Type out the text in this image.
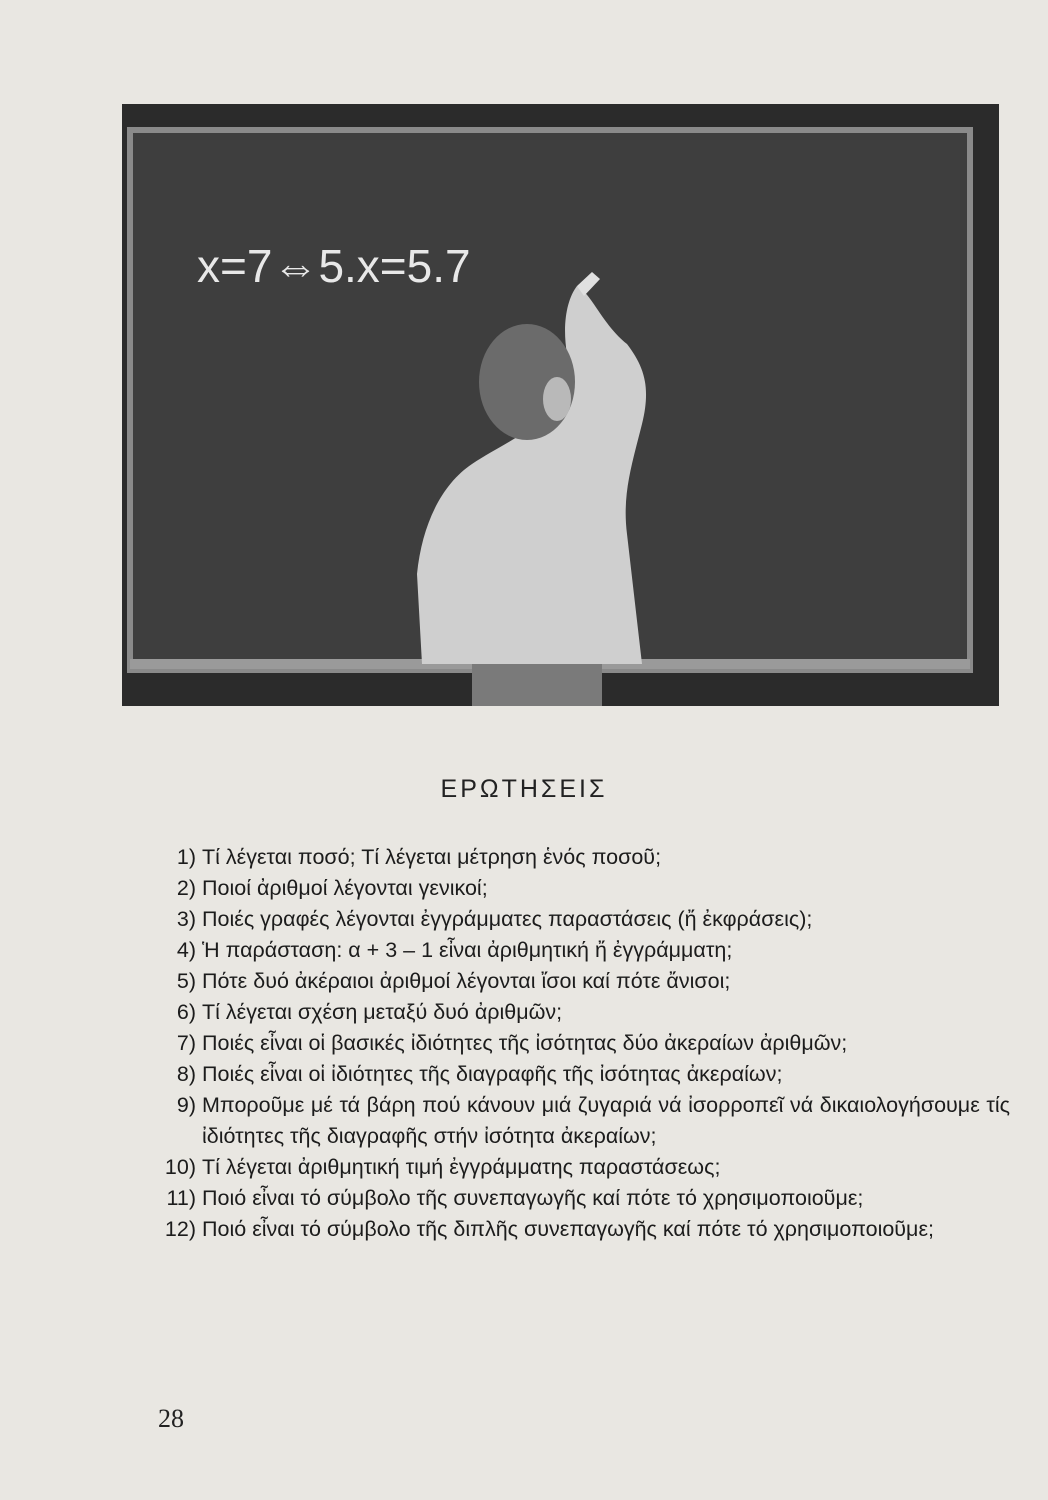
x=7⇔5.x=5.7
ΕΡΩΤΗΣΕΙΣ
1) Τί λέγεται ποσό; Τί λέγεται μέτρηση ἑνός ποσοῦ;
2) Ποιοί ἀριθμοί λέγονται γενικοί;
3) Ποιές γραφές λέγονται ἐγγράμματες παραστάσεις (ἤ ἐκφράσεις);
4) Ἡ παράσταση: α + 3 – 1 εἶναι ἀριθμητική ἤ ἐγγράμματη;
5) Πότε δυό ἀκέραιοι ἀριθμοί λέγονται ἴσοι καί πότε ἄνισοι;
6) Τί λέγεται σχέση μεταξύ δυό ἀριθμῶν;
7) Ποιές εἶναι οἱ βασικές ἰδιότητες τῆς ἰσότητας δύο ἀκεραίων ἀριθμῶν;
8) Ποιές εἶναι οἱ ἰδιότητες τῆς διαγραφῆς τῆς ἰσότητας ἀκεραίων;
9) Μποροῦμε μέ τά βάρη πού κάνουν μιά ζυγαριά νά ἰσορροπεῖ νά δικαιολογήσουμε τίς ἰδιότητες τῆς διαγραφῆς στήν ἰσότητα ἀκεραίων;
10) Τί λέγεται ἀριθμητική τιμή ἐγγράμματης παραστάσεως;
11) Ποιό εἶναι τό σύμβολο τῆς συνεπαγωγῆς καί πότε τό χρησιμοποιοῦμε;
12) Ποιό εἶναι τό σύμβολο τῆς διπλῆς συνεπαγωγῆς καί πότε τό χρησιμοποιοῦμε;
28
